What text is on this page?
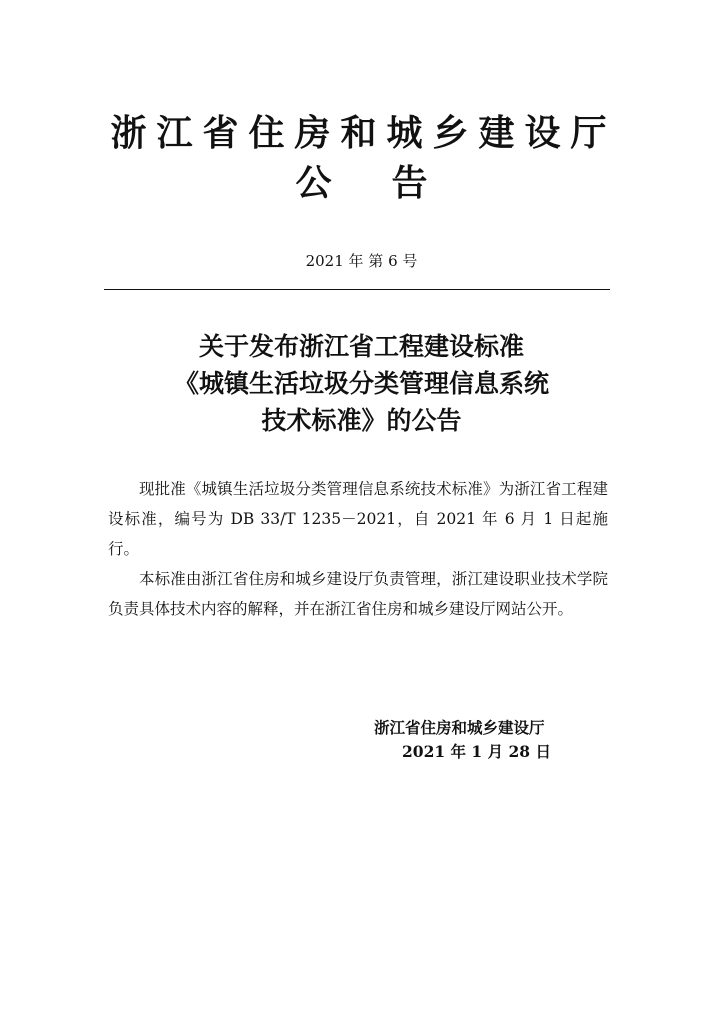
浙江省住房和城乡建设厅
公告
2021 年 第 6 号
关于发布浙江省工程建设标准
《城镇生活垃圾分类管理信息系统
技术标准》的公告

现批准《城镇生活垃圾分类管理信息系统技术标准》为浙江省工程建设标准，编号为 DB 33/T 1235－2021，自 2021 年 6 月 1 日起施行。

本标准由浙江省住房和城乡建设厅负责管理，浙江建设职业技术学院负责具体技术内容的解释，并在浙江省住房和城乡建设厅网站公开。

浙江省住房和城乡建设厅
2021 年 1 月 28 日
